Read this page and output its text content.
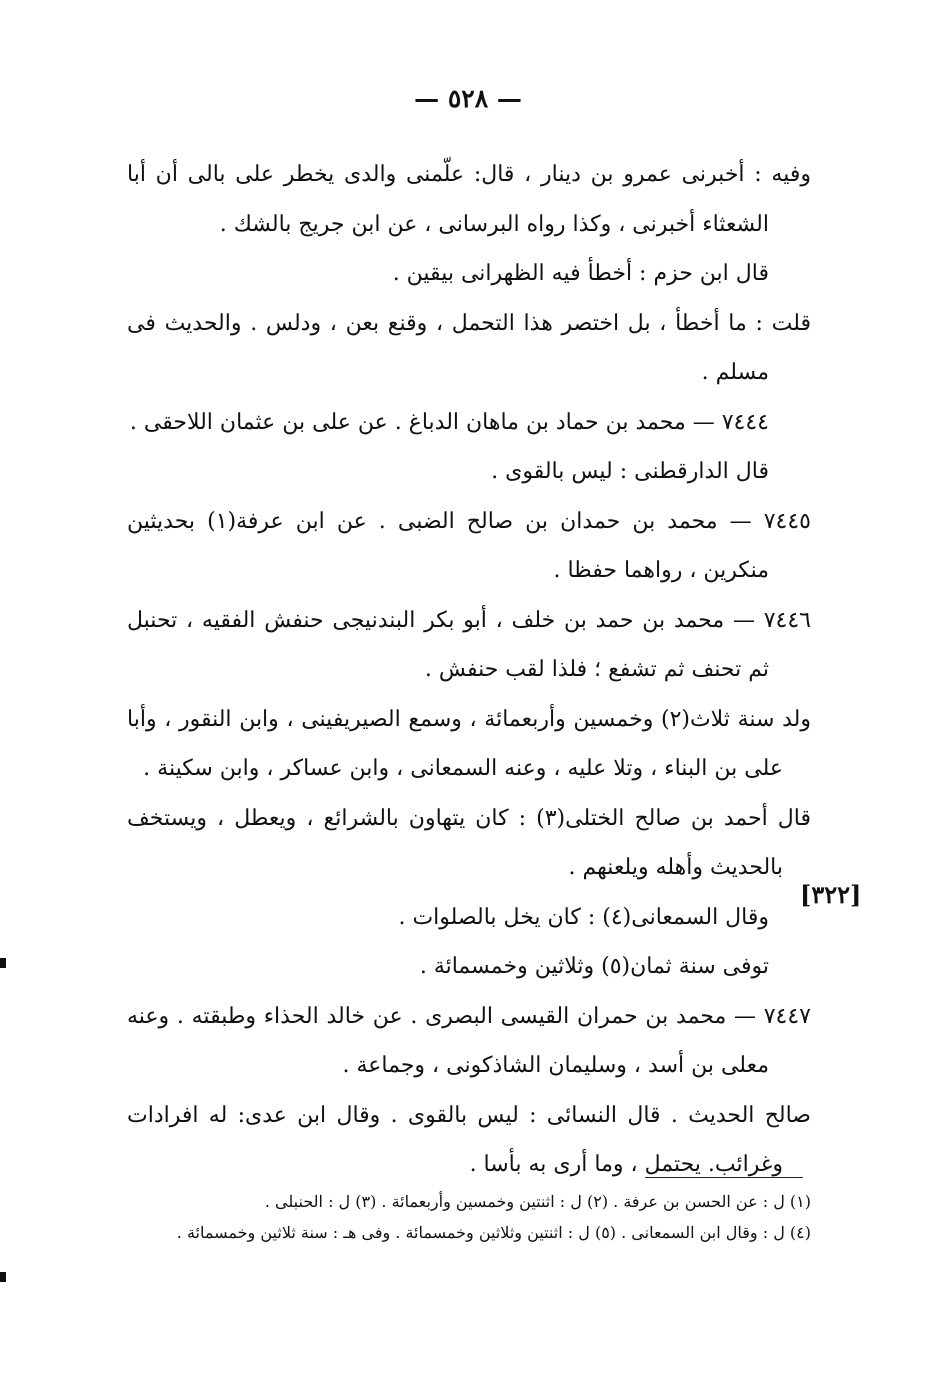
— ٥٢٨ —
[٣٢٢]

وفيه : أخبرنى عمرو بن دينار ، قال: علّمنى والدى يخطر على بالى أن أبا الشعثاء أخبرنى ، وكذا رواه البرسانى ، عن ابن جريج بالشك .

قال ابن حزم : أخطأ فيه الظهرانى بيقين .

قلت : ما أخطأ ، بل اختصر هذا التحمل ، وقنع بعن ، ودلس . والحديث فى مسلم .

٧٤٤٤ — محمد بن حماد بن ماهان الدباغ . عن على بن عثمان اللاحقى .

قال الدارقطنى : ليس بالقوى .

٧٤٤٥ — محمد بن حمدان بن صالح الضبى . عن ابن عرفة(١) بحديثين منكرين ، رواهما حفظا .

٧٤٤٦ — محمد بن حمد بن خلف ، أبو بكر البندنيجى حنفش الفقيه ، تحنبل ثم تحنف ثم تشفع ؛ فلذا لقب حنفش .

ولد سنة ثلاث(٢) وخمسين وأربعمائة ، وسمع الصيريفينى ، وابن النقور ، وأبا على بن البناء ، وتلا عليه ، وعنه السمعانى ، وابن عساكر ، وابن سكينة .

قال أحمد بن صالح الختلى(٣) : كان يتهاون بالشرائع ، ويعطل ، ويستخف بالحديث وأهله ويلعنهم .

وقال السمعانى(٤) : كان يخل بالصلوات .

توفى سنة ثمان(٥) وثلاثين وخمسمائة .

٧٤٤٧ — محمد بن حمران القيسى البصرى . عن خالد الحذاء وطبقته . وعنه معلى بن أسد ، وسليمان الشاذكونى ، وجماعة .

صالح الحديث . قال النسائى : ليس بالقوى . وقال ابن عدى: له افرادات وغرائب. يحتمل ، وما أرى به بأسا .

(١) ل : عن الحسن بن عرفة . (٢) ل : اثنتين وخمسين وأربعمائة . (٣) ل : الحنبلى .

(٤) ل : وقال ابن السمعانى . (٥) ل : اثنتين وثلاثين وخمسمائة . وفى هـ : سنة ثلاثين وخمسمائة .
